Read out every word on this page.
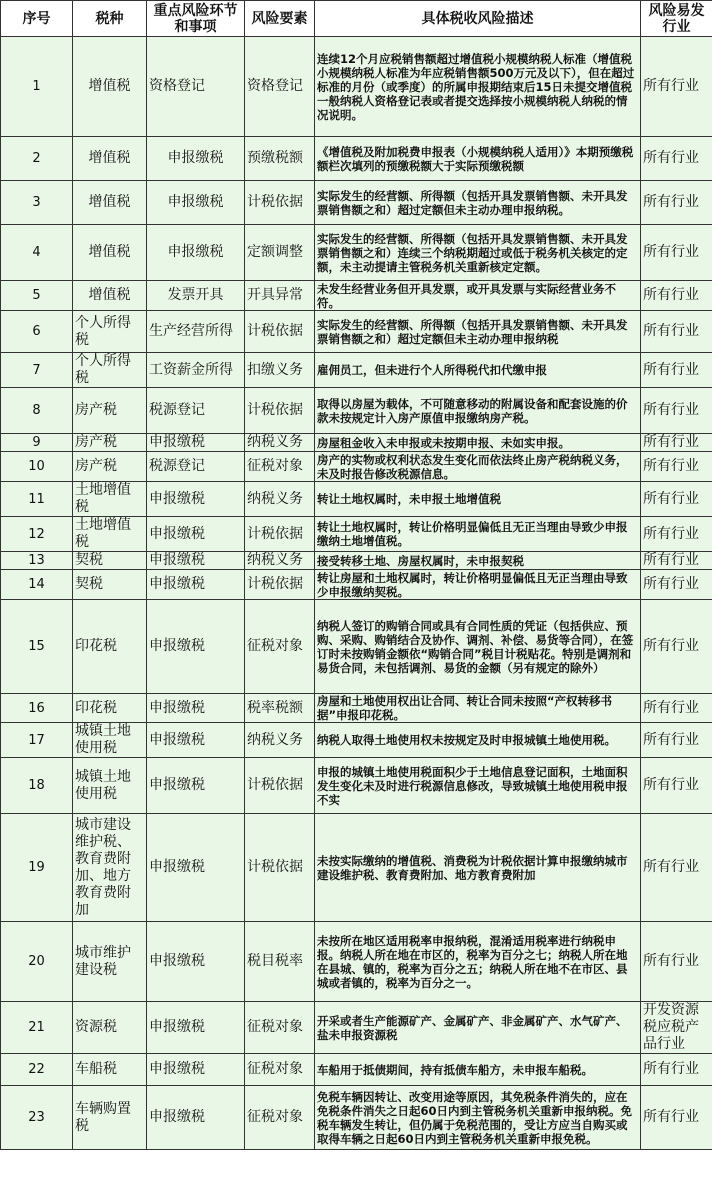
序号	税种	重点风险环节和事项	风险要素	具体税收风险描述	风险易发行业
1	增值税	资格登记	资格登记	连续12个月应税销售额超过增值税小规模纳税人标准（增值税小规模纳税人标准为年应税销售额500万元及以下），但在超过标准的月份（或季度）的所属申报期结束后15日未提交增值税一般纳税人资格登记表或者提交选择按小规模纳税人纳税的情况说明。	所有行业
2	增值税	申报缴税	预缴税额	《增值税及附加税费申报表（小规模纳税人适用）》本期预缴税额栏次填列的预缴税额大于实际预缴税额	所有行业
3	增值税	申报缴税	计税依据	实际发生的经营额、所得额（包括开具发票销售额、未开具发票销售额之和）超过定额但未主动办理申报纳税。	所有行业
4	增值税	申报缴税	定额调整	实际发生的经营额、所得额（包括开具发票销售额、未开具发票销售额之和）连续三个纳税期超过或低于税务机关核定的定额，未主动提请主管税务机关重新核定定额。	所有行业
5	增值税	发票开具	开具异常	未发生经营业务但开具发票，或开具发票与实际经营业务不符。	所有行业
6	个人所得税	生产经营所得	计税依据	实际发生的经营额、所得额（包括开具发票销售额、未开具发票销售额之和）超过定额但未主动办理申报纳税	所有行业
7	个人所得税	工资薪金所得	扣缴义务	雇佣员工，但未进行个人所得税代扣代缴申报	所有行业
8	房产税	税源登记	计税依据	取得以房屋为载体，不可随意移动的附属设备和配套设施的价款未按规定计入房产原值申报缴纳房产税。	所有行业
9	房产税	申报缴税	纳税义务	房屋租金收入未申报或未按期申报、未如实申报。	所有行业
10	房产税	税源登记	征税对象	房产的实物或权利状态发生变化而依法终止房产税纳税义务，未及时报告修改税源信息。	所有行业
11	土地增值税	申报缴税	纳税义务	转让土地权属时，未申报土地增值税	所有行业
12	土地增值税	申报缴税	计税依据	转让土地权属时，转让价格明显偏低且无正当理由导致少申报缴纳土地增值税。	所有行业
13	契税	申报缴税	纳税义务	接受转移土地、房屋权属时，未申报契税	所有行业
14	契税	申报缴税	计税依据	转让房屋和土地权属时，转让价格明显偏低且无正当理由导致少申报缴纳契税。	所有行业
15	印花税	申报缴税	征税对象	纳税人签订的购销合同或具有合同性质的凭证（包括供应、预购、采购、购销结合及协作、调剂、补偿、易货等合同），在签订时未按购销金额依“购销合同”税目计税贴花。特别是调剂和易货合同，未包括调剂、易货的金额（另有规定的除外）	所有行业
16	印花税	申报缴税	税率税额	房屋和土地使用权出让合同、转让合同未按照“产权转移书据”申报印花税。	所有行业
17	城镇土地使用税	申报缴税	纳税义务	纳税人取得土地使用权未按规定及时申报城镇土地使用税。	所有行业
18	城镇土地使用税	申报缴税	计税依据	申报的城镇土地使用税面积少于土地信息登记面积，土地面积发生变化未及时进行税源信息修改，导致城镇土地使用税申报不实	所有行业
19	城市建设维护税、教育费附加、地方教育费附加	申报缴税	计税依据	未按实际缴纳的增值税、消费税为计税依据计算申报缴纳城市建设维护税、教育费附加、地方教育费附加	所有行业
20	城市维护建设税	申报缴税	税目税率	未按所在地区适用税率申报纳税，混淆适用税率进行纳税申报。纳税人所在地在市区的，税率为百分之七；纳税人所在地在县城、镇的，税率为百分之五；纳税人所在地不在市区、县城或者镇的，税率为百分之一。	所有行业
21	资源税	申报缴税	征税对象	开采或者生产能源矿产、金属矿产、非金属矿产、水气矿产、盐未申报资源税	开发资源税应税产品行业
22	车船税	申报缴税	征税对象	车船用于抵债期间，持有抵债车船方，未申报车船税。	所有行业
23	车辆购置税	申报缴税	征税对象	免税车辆因转让、改变用途等原因，其免税条件消失的，应在免税条件消失之日起60日内到主管税务机关重新申报纳税。免税车辆发生转让，但仍属于免税范围的，受让方应当自购买或取得车辆之日起60日内到主管税务机关重新申报免税。	所有行业
